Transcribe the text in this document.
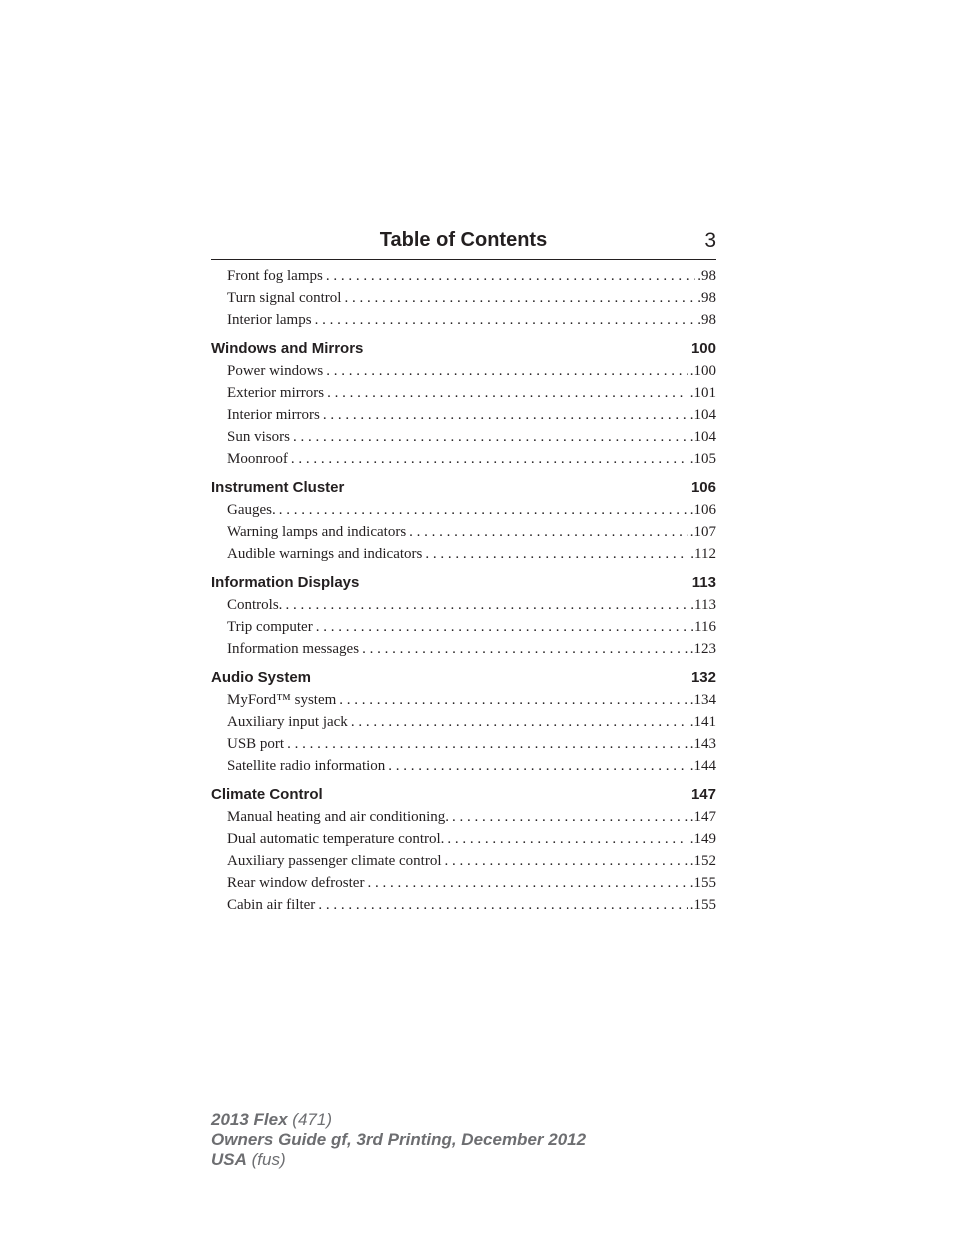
Table of Contents	3
Front fog lamps . . .	.98
Turn signal control . . .	.98
Interior lamps . . .	.98
Windows and Mirrors	100
Power windows . . .	.100
Exterior mirrors . . .	.101
Interior mirrors . . .	.104
Sun visors . . .	.104
Moonroof . . .	.105
Instrument Cluster	106
Gauges. . . .	.106
Warning lamps and indicators . . .	.107
Audible warnings and indicators . . .	.112
Information Displays	113
Controls. . . .	.113
Trip computer . . .	.116
Information messages . . .	.123
Audio System	132
MyFord™ system . . .	.134
Auxiliary input jack . . .	.141
USB port . . .	.143
Satellite radio information . . .	.144
Climate Control	147
Manual heating and air conditioning. . . .	.147
Dual automatic temperature control. . . .	.149
Auxiliary passenger climate control . . .	.152
Rear window defroster . . .	.155
Cabin air filter . . .	.155
2013 Flex (471)
Owners Guide gf, 3rd Printing, December 2012
USA (fus)
